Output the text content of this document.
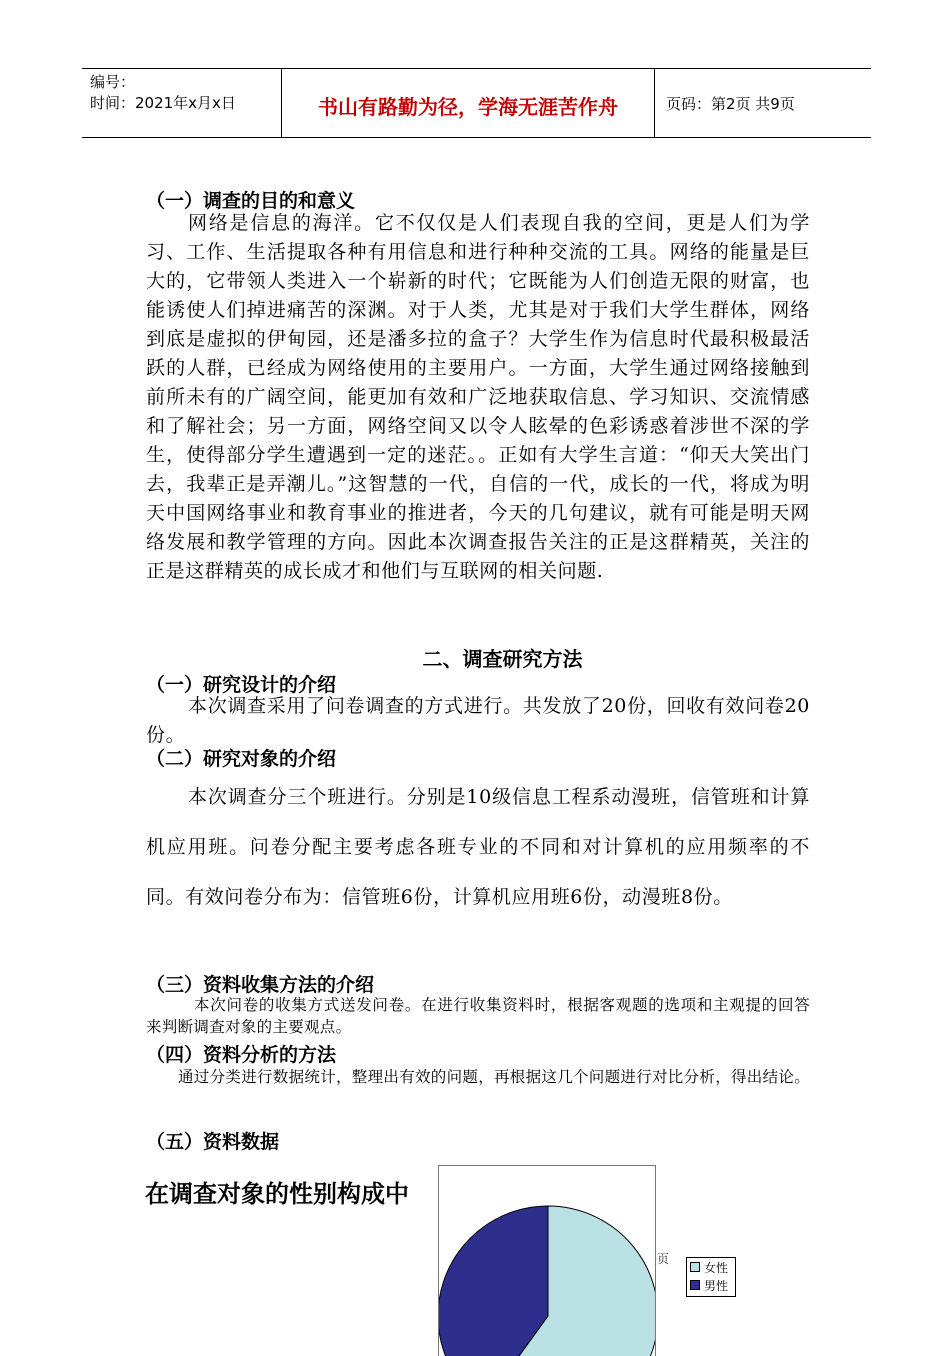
编号：
时间：2021年x月x日	书山有路勤为径，学海无涯苦作舟	页码：第2页 共9页
（一）调查的目的和意义

网络是信息的海洋。它不仅仅是人们表现自我的空间，更是人们为学习、工作、生活提取各种有用信息和进行种种交流的工具。网络的能量是巨大的，它带领人类进入一个崭新的时代；它既能为人们创造无限的财富，也能诱使人们掉进痛苦的深渊。对于人类，尤其是对于我们大学生群体，网络到底是虚拟的伊甸园，还是潘多拉的盒子？大学生作为信息时代最积极最活跃的人群，已经成为网络使用的主要用户。一方面，大学生通过网络接触到前所未有的广阔空间，能更加有效和广泛地获取信息、学习知识、交流情感和了解社会；另一方面，网络空间又以令人眩晕的色彩诱惑着涉世不深的学生，使得部分学生遭遇到一定的迷茫。。正如有大学生言道：“仰天大笑出门去，我辈正是弄潮儿。”这智慧的一代，自信的一代，成长的一代，将成为明天中国网络事业和教育事业的推进者，今天的几句建议，就有可能是明天网络发展和教学管理的方向。因此本次调查报告关注的正是这群精英，关注的正是这群精英的成长成才和他们与互联网的相关问题.

二、调查研究方法
（一）研究设计的介绍

本次调查采用了问卷调查的方式进行。共发放了20份，回收有效问卷20份。

（二）研究对象的介绍

本次调查分三个班进行。分别是10级信息工程系动漫班，信管班和计算机应用班。问卷分配主要考虑各班专业的不同和对计算机的应用频率的不同。有效问卷分布为：信管班6份，计算机应用班6份，动漫班8份。

（三）资料收集方法的介绍

本次问卷的收集方式送发问卷。在进行收集资料时，根据客观题的选项和主观提的回答来判断调查对象的主要观点。

（四）资料分析的方法

通过分类进行数据统计，整理出有效的问题，再根据这几个问题进行对比分析，得出结论。

（五）资料数据
在调查对象的性别构成中
页
女性
男性
